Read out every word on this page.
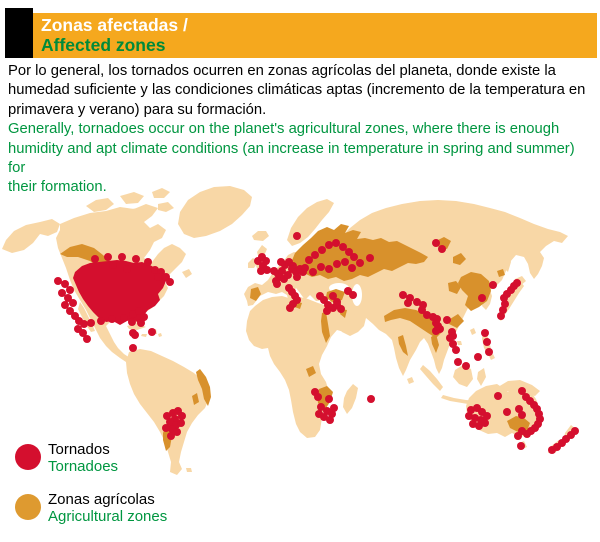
Zonas afectadas /
Affected zones
Por lo general, los tornados ocurren en zonas agrícolas del planeta, donde existe la
humedad suficiente y las condiciones climáticas aptas (incremento de la temperatura en
primavera y verano) para su formación.
Generally, tornadoes occur on the planet's agricultural zones, where there is enough
humidity and apt climate conditions (an increase in temperature in spring and summer) for
their formation.
Tornados
Tornadoes
Zonas agrícolas
Agricultural zones
